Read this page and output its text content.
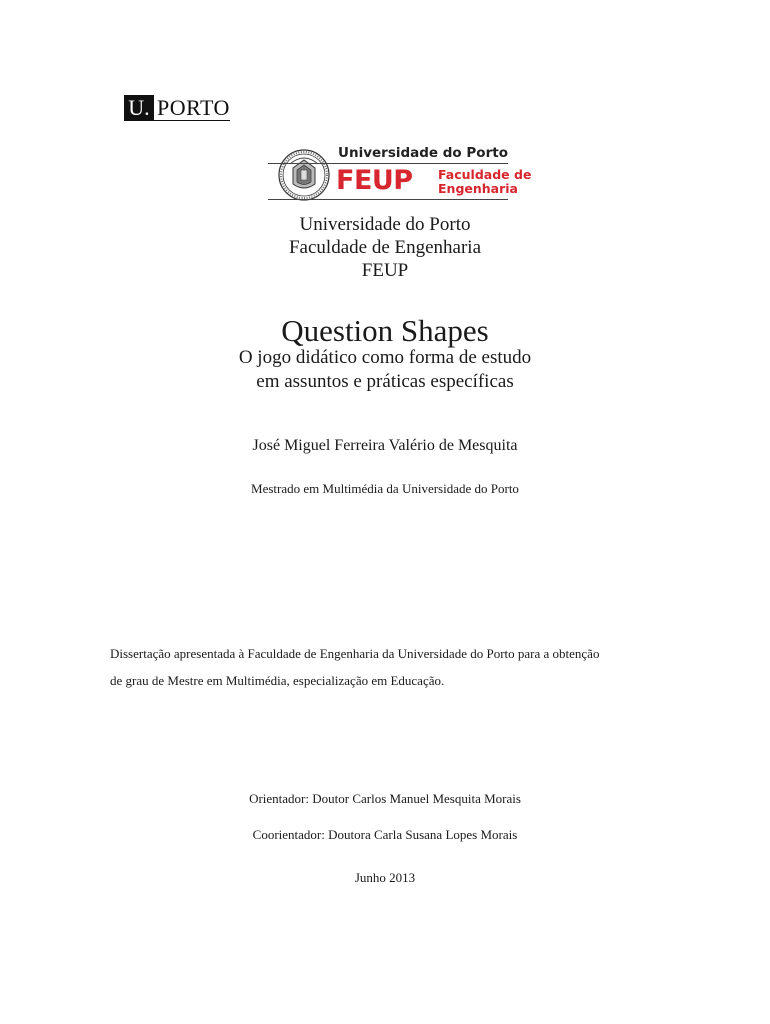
U. PORTO
Universidade do Porto
FEUP Faculdade de
Engenharia
Universidade do Porto
Faculdade de Engenharia
FEUP
Question Shapes
O jogo didático como forma de estudo
em assuntos e práticas específicas
José Miguel Ferreira Valério de Mesquita
Mestrado em Multimédia da Universidade do Porto
Dissertação apresentada à Faculdade de Engenharia da Universidade do Porto para a obtenção
de grau de Mestre em Multimédia, especialização em Educação.
Orientador: Doutor Carlos Manuel Mesquita Morais
Coorientador: Doutora Carla Susana Lopes Morais
Junho 2013
